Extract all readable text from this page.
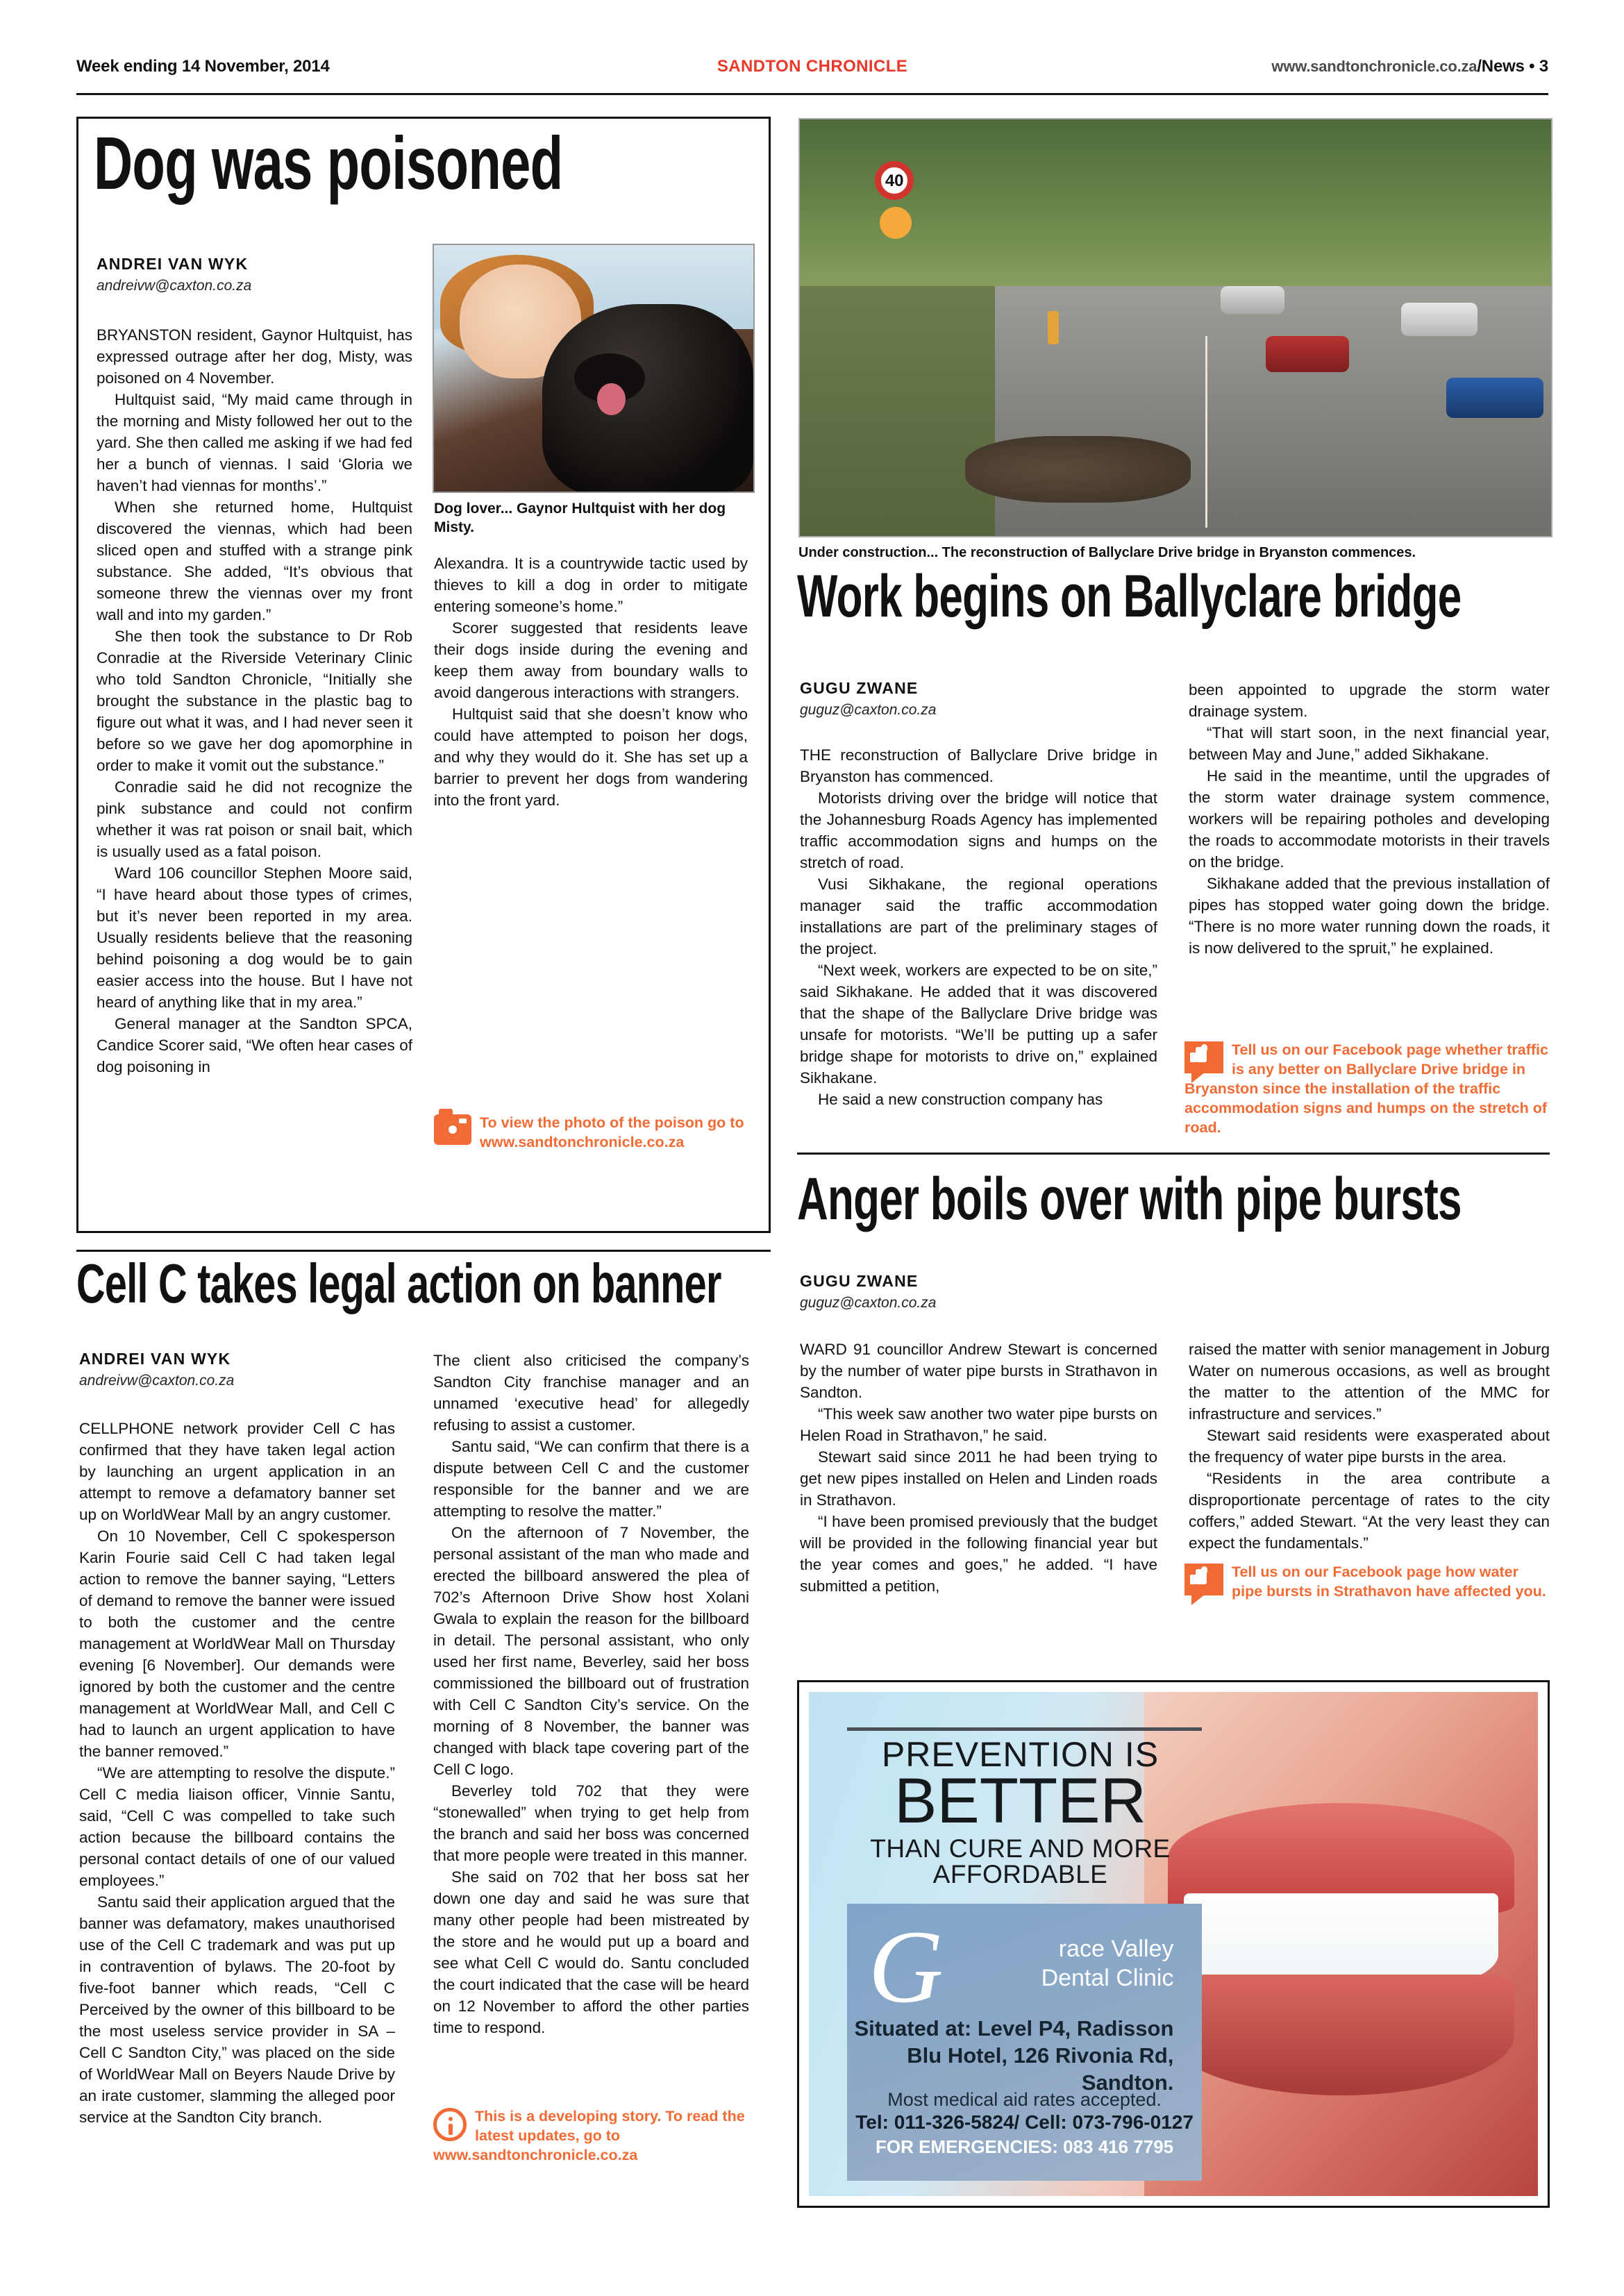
Week ending 14 November, 2014	SANDTON CHRONICLE	www.sandtonchronicle.co.za/News • 3
Dog was poisoned
ANDREI VAN WYK
andreivw@caxton.co.za

BRYANSTON resident, Gaynor Hultquist, has expressed outrage after her dog, Misty, was poisoned on 4 November.

Hultquist said, “My maid came through in the morning and Misty followed her out to the yard. She then called me asking if we had fed her a bunch of viennas. I said ‘Gloria we haven’t had viennas for months’.”

When she returned home, Hultquist discovered the viennas, which had been sliced open and stuffed with a strange pink substance. She added, “It’s obvious that someone threw the viennas over my front wall and into my garden.”

She then took the substance to Dr Rob Conradie at the Riverside Veterinary Clinic who told Sandton Chronicle, “Initially she brought the substance in the plastic bag to figure out what it was, and I had never seen it before so we gave her dog apomorphine in order to make it vomit out the substance.”

Conradie said he did not recognize the pink substance and could not confirm whether it was rat poison or snail bait, which is usually used as a fatal poison.

Ward 106 councillor Stephen Moore said, “I have heard about those types of crimes, but it’s never been reported in my area. Usually residents believe that the reasoning behind poisoning a dog would be to gain easier access into the house. But I have not heard of anything like that in my area.”

General manager at the Sandton SPCA, Candice Scorer said, “We often hear cases of dog poisoning in

Dog lover... Gaynor Hultquist with her dog Misty.

Alexandra. It is a countrywide tactic used by thieves to kill a dog in order to mitigate entering someone’s home.”

Scorer suggested that residents leave their dogs inside during the evening and keep them away from boundary walls to avoid dangerous interactions with strangers.

Hultquist said that she doesn’t know who could have attempted to poison her dogs, and why they would do it. She has set up a barrier to prevent her dogs from wandering into the front yard.

To view the photo of the poison go to www.sandtonchronicle.co.za
40
Under construction... The reconstruction of Ballyclare Drive bridge in Bryanston commences.
Work begins on Ballyclare bridge
GUGU ZWANE
guguz@caxton.co.za

THE reconstruction of Ballyclare Drive bridge in Bryanston has commenced.

Motorists driving over the bridge will notice that the Johannesburg Roads Agency has implemented traffic accommodation signs and humps on the stretch of road.

Vusi Sikhakane, the regional operations manager said the traffic accommodation installations are part of the preliminary stages of the project.

“Next week, workers are expected to be on site,” said Sikhakane. He added that it was discovered that the shape of the Ballyclare Drive bridge was unsafe for motorists. “We’ll be putting up a safer bridge shape for motorists to drive on,” explained Sikhakane.

He said a new construction company has

been appointed to upgrade the storm water drainage system.

“That will start soon, in the next financial year, between May and June,” added Sikhakane.

He said in the meantime, until the upgrades of the storm water drainage system commence, workers will be repairing potholes and developing the roads to accommodate motorists in their travels on the bridge.

Sikhakane added that the previous installation of pipes has stopped water going down the bridge. “There is no more water running down the roads, it is now delivered to the spruit,” he explained.

Tell us on our Facebook page whether traffic is any better on Ballyclare Drive bridge in Bryanston since the installation of the traffic accommodation signs and humps on the stretch of road.
Anger boils over with pipe bursts
GUGU ZWANE
guguz@caxton.co.za

WARD 91 councillor Andrew Stewart is concerned by the number of water pipe bursts in Strathavon in Sandton.

“This week saw another two water pipe bursts on Helen Road in Strathavon,” he said.

Stewart said since 2011 he had been trying to get new pipes installed on Helen and Linden roads in Strathavon.

“I have been promised previously that the budget will be provided in the following financial year but the year comes and goes,” he added. “I have submitted a petition,

raised the matter with senior management in Joburg Water on numerous occasions, as well as brought the matter to the attention of the MMC for infrastructure and services.”

Stewart said residents were exasperated about the frequency of water pipe bursts in the area.

“Residents in the area contribute a disproportionate percentage of rates to the city coffers,” added Stewart. “At the very least they can expect the fundamentals.”

Tell us on our Facebook page how water pipe bursts in Strathavon have affected you.
Cell C takes legal action on banner
ANDREI VAN WYK
andreivw@caxton.co.za

CELLPHONE network provider Cell C has confirmed that they have taken legal action by launching an urgent application in an attempt to remove a defamatory banner set up on WorldWear Mall by an angry customer.

On 10 November, Cell C spokesperson Karin Fourie said Cell C had taken legal action to remove the banner saying, “Letters of demand to remove the banner were issued to both the customer and the centre management at WorldWear Mall on Thursday evening [6 November]. Our demands were ignored by both the customer and the centre management at WorldWear Mall, and Cell C had to launch an urgent application to have the banner removed.”

“We are attempting to resolve the dispute.” Cell C media liaison officer, Vinnie Santu, said, “Cell C was compelled to take such action because the billboard contains the personal contact details of one of our valued employees.”

Santu said their application argued that the banner was defamatory, makes unauthorised use of the Cell C trademark and was put up in contravention of bylaws. The 20-foot by five-foot banner which reads, “Cell C Perceived by the owner of this billboard to be the most useless service provider in SA – Cell C Sandton City,” was placed on the side of WorldWear Mall on Beyers Naude Drive by an irate customer, slamming the alleged poor service at the Sandton City branch.

The client also criticised the company’s Sandton City franchise manager and an unnamed ‘executive head’ for allegedly refusing to assist a customer.

Santu said, “We can confirm that there is a dispute between Cell C and the customer responsible for the banner and we are attempting to resolve the matter.”

On the afternoon of 7 November, the personal assistant of the man who made and erected the billboard answered the plea of 702’s Afternoon Drive Show host Xolani Gwala to explain the reason for the billboard in detail. The personal assistant, who only used her first name, Beverley, said her boss commissioned the billboard out of frustration with Cell C Sandton City’s service. On the morning of 8 November, the banner was changed with black tape covering part of the Cell C logo.

Beverley told 702 that they were “stonewalled” when trying to get help from the branch and said her boss was concerned that more people were treated in this manner.

She said on 702 that her boss sat her down one day and said he was sure that many other people had been mistreated by the store and he would put up a board and see what Cell C would do. Santu concluded the court indicated that the case will be heard on 12 November to afford the other parties time to respond.

This is a developing story. To read the latest updates, go to www.sandtonchronicle.co.za
PREVENTION IS
BETTER
THAN CURE AND MORE
AFFORDABLE
G	race Valley
Dental Clinic
Situated at: Level P4, Radisson Blu Hotel, 126 Rivonia Rd, Sandton.
Most medical aid rates accepted.
Tel: 011-326-5824/ Cell: 073-796-0127
FOR EMERGENCIES: 083 416 7795
